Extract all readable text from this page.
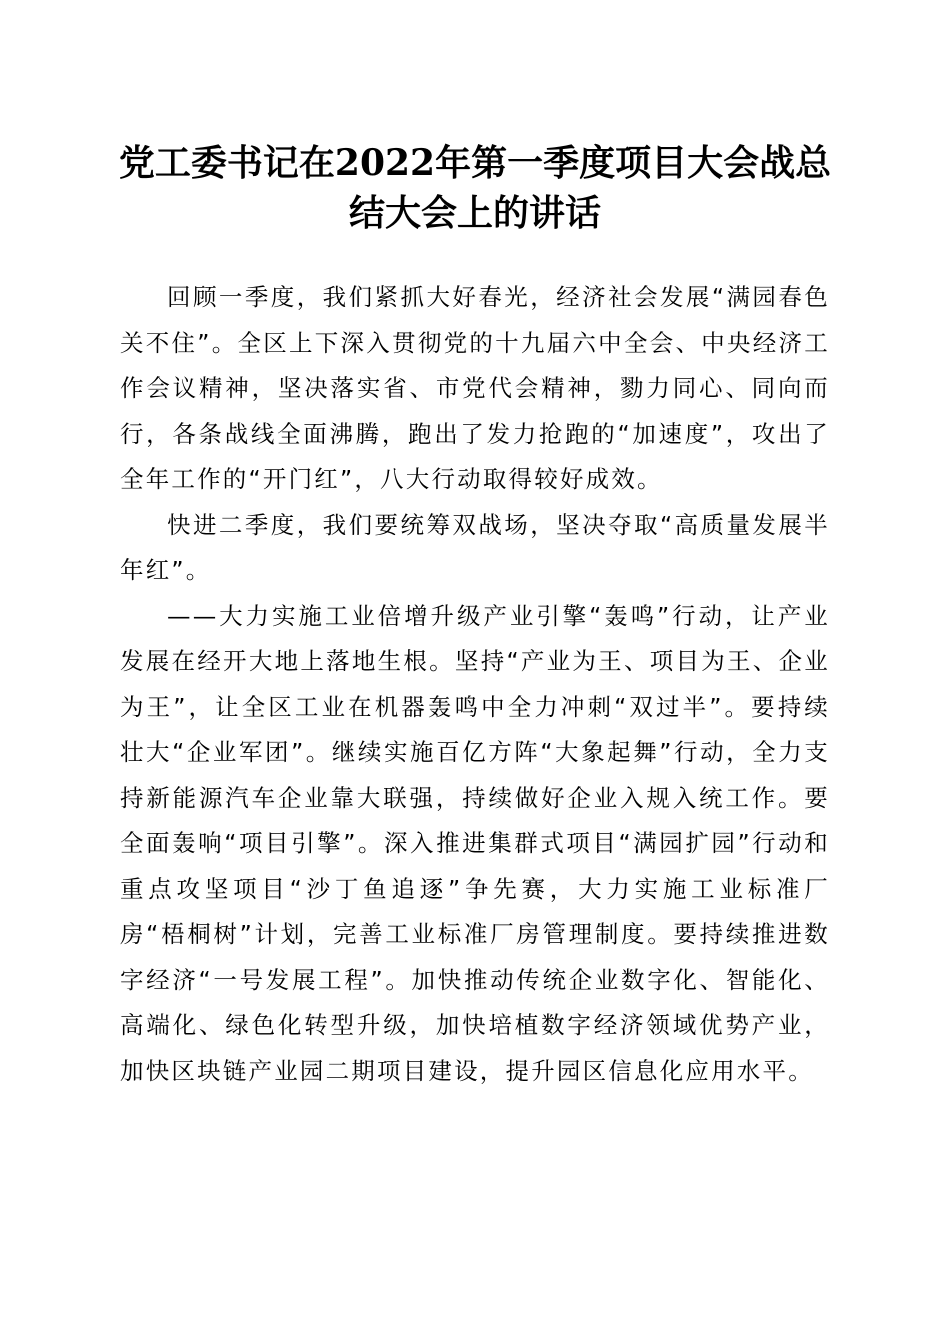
党工委书记在2022年第一季度项目大会战总结大会上的讲话

回顾一季度，我们紧抓大好春光，经济社会发展“满园春色关不住”。全区上下深入贯彻党的十九届六中全会、中央经济工作会议精神，坚决落实省、市党代会精神，勠力同心、同向而行，各条战线全面沸腾，跑出了发力抢跑的“加速度”，攻出了全年工作的“开门红”，八大行动取得较好成效。

快进二季度，我们要统筹双战场，坚决夺取“高质量发展半年红”。

——大力实施工业倍增升级产业引擎“轰鸣”行动，让产业发展在经开大地上落地生根。坚持“产业为王、项目为王、企业为王”，让全区工业在机器轰鸣中全力冲刺“双过半”。要持续壮大“企业军团”。继续实施百亿方阵“大象起舞”行动，全力支持新能源汽车企业靠大联强，持续做好企业入规入统工作。要全面轰响“项目引擎”。深入推进集群式项目“满园扩园”行动和重点攻坚项目“沙丁鱼追逐”争先赛，大力实施工业标准厂房“梧桐树”计划，完善工业标准厂房管理制度。要持续推进数字经济“一号发展工程”。加快推动传统企业数字化、智能化、高端化、绿色化转型升级，加快培植数字经济领域优势产业，加快区块链产业园二期项目建设，提升园区信息化应用水平。
